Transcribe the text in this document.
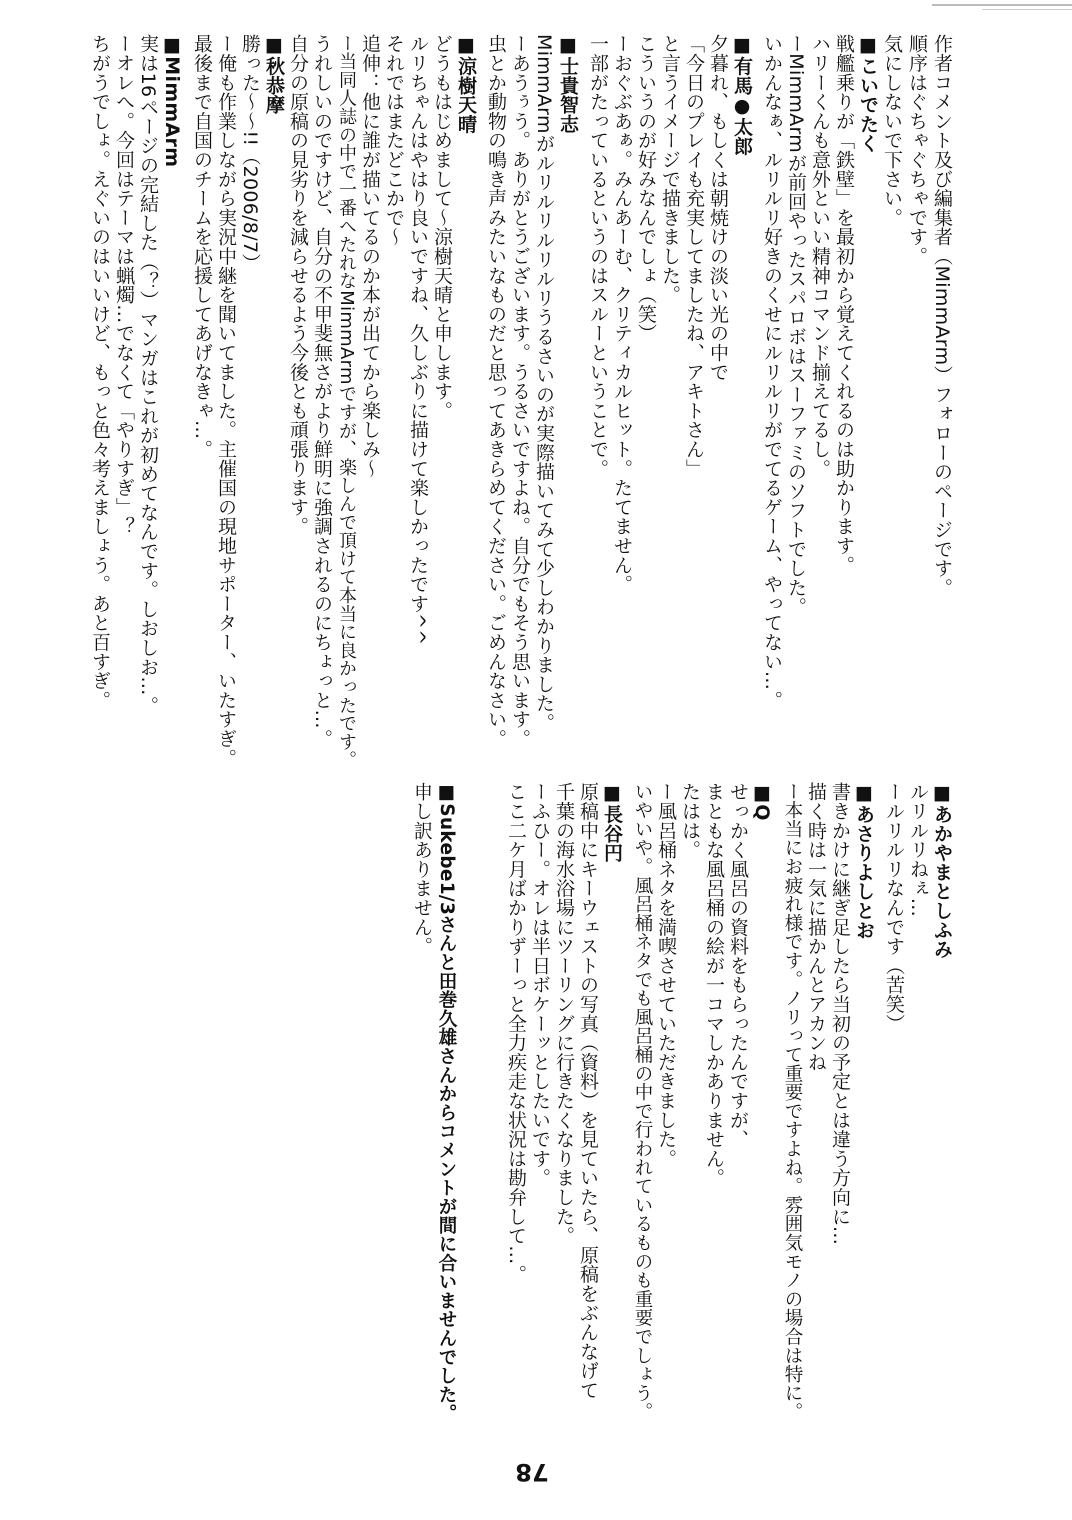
作者コメント及び編集者（MimmArm）フォローのページです。
順序はぐちゃぐちゃです。
気にしないで下さい。
■こいでたく
戦艦乗りが「鉄壁」を最初から覚えてくれるのは助かります。
ハリーくんも意外といい精神コマンド揃えてるし。
ーMimmArmが前回やったスパロボはスーファミのソフトでした。
いかんなぁ、ルリルリ好きのくせにルリルリがでてるゲーム、やってない…。
■有馬●太郎
夕暮れ、もしくは朝焼けの淡い光の中で
「今日のプレイも充実してましたね、アキトさん」
と言うイメージで描きました。
こういうのが好みなんでしょ（笑）
ーおぐぶあぁ。みんあーむ、クリティカルヒット。たてません。
一部がたっているというのはスルーということで。
■士貴智志
MimmArmがルリルリルリルリうるさいのが実際描いてみて少しわかりました。
ーあうぅう。ありがとうございます。うるさいですよね。自分でもそう思います。
虫とか動物の鳴き声みたいなものだと思ってあきらめてください。ごめんなさい。
■涼樹天晴
どうもはじめまして〜涼樹天晴と申します。
ルリちゃんはやはり良いですね、久しぶりに描けて楽しかったです^^
それではまたどこかで〜
追伸：他に誰が描いてるのか本が出てから楽しみ〜
ー当同人誌の中で一番へたれなMimmArmですが、楽しんで頂けて本当に良かったです。
うれしいのですけど、自分の不甲斐無さがより鮮明に強調されるのにちょっと…。
自分の原稿の見劣りを減らせるよう今後とも頑張ります。
■秋恭摩
勝った〜〜!!（2006/8/7）
ー俺も作業しながら実況中継を聞いてました。主催国の現地サポーター、いたすぎ。
最後まで自国のチームを応援してあげなきゃ…。
■MimmArm
実は16ページの完結した（？）マンガはこれが初めてなんです。しおしお…。
ーオレへ。今回はテーマは蝋燭…でなくて「やりすぎ」？
ちがうでしょ。えぐいのはいいけど、もっと色々考えましょう。あと百すぎ。
■あかやまとしふみ
ルリルリねぇ…
ールリルリなんです（苦笑）
■あさりよしとお
書きかけに継ぎ足したら当初の予定とは違う方向に…
描く時は一気に描かんとアカンね
ー本当にお疲れ様です。ノリって重要ですよね。雰囲気モノの場合は特に。
■Q
せっかく風呂の資料をもらったんですが、
まともな風呂桶の絵が一コマしかありません。
たはは。
ー風呂桶ネタを満喫させていただきました。
いやいや。風呂桶ネタでも風呂桶の中で行われているものも重要でしょう。
■長谷円
原稿中にキーウェストの写真（資料）を見ていたら、原稿をぶんなげて
千葉の海水浴場にツーリングに行きたくなりました。
ーふひー。オレは半日ボケーッとしたいです。
ここ二ケ月ばかりずーっと全力疾走な状況は勘弁して…。
■Sukebe1/3さんと田巻久雄さんからコメントが間に合いませんでした。
申し訳ありません。
78
